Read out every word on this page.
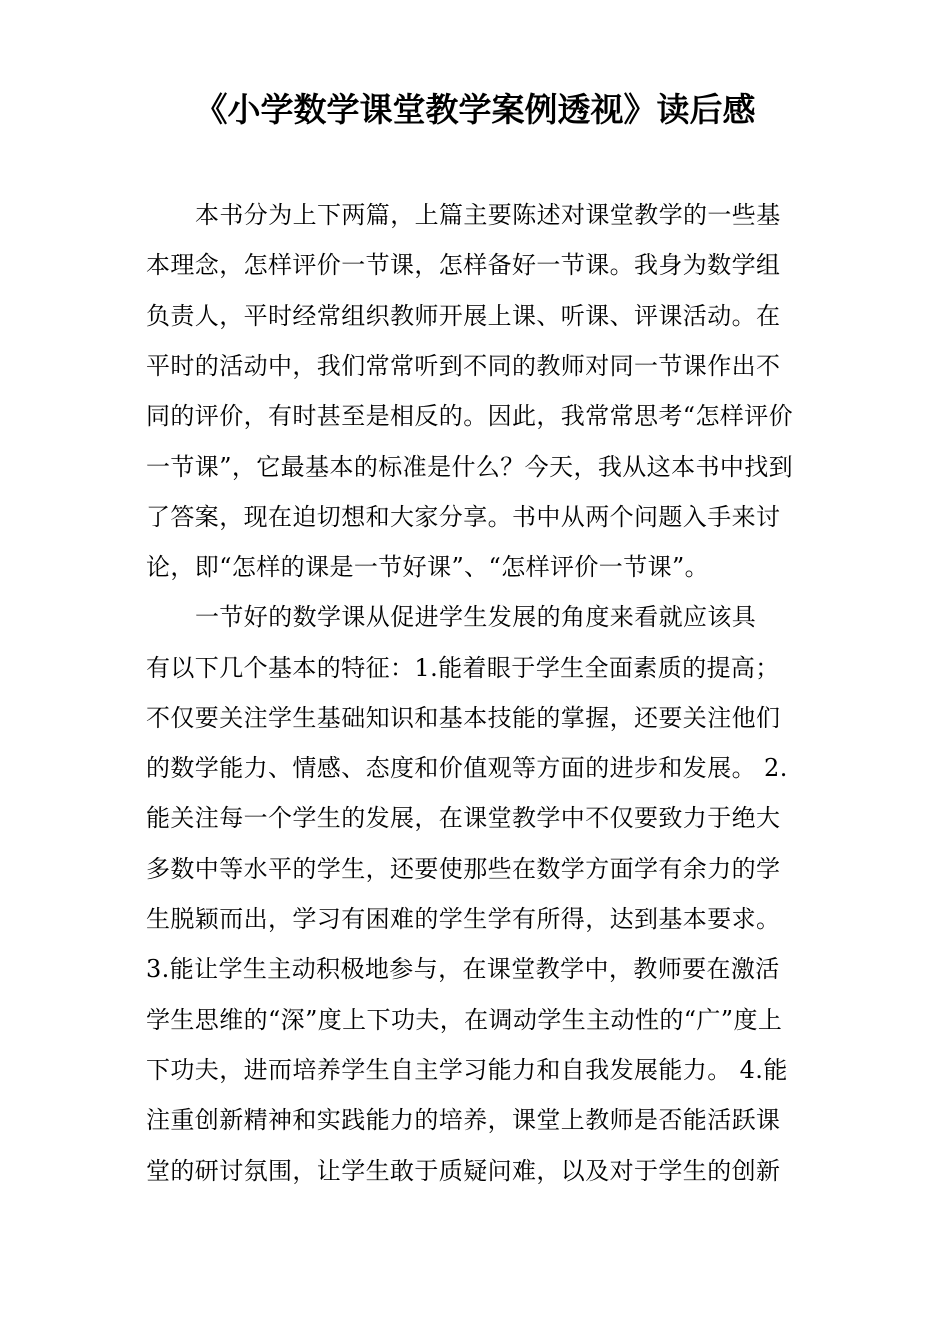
《小学数学课堂教学案例透视》读后感
本书分为上下两篇，上篇主要陈述对课堂教学的一些基
本理念，怎样评价一节课，怎样备好一节课。我身为数学组
负责人，平时经常组织教师开展上课、听课、评课活动。在
平时的活动中，我们常常听到不同的教师对同一节课作出不
同的评价，有时甚至是相反的。因此，我常常思考“怎样评价
一节课”，它最基本的标准是什么？今天，我从这本书中找到
了答案，现在迫切想和大家分享。书中从两个问题入手来讨
论，即“怎样的课是一节好课”、“怎样评价一节课”。
一节好的数学课从促进学生发展的角度来看就应该具
有以下几个基本的特征：1.能着眼于学生全面素质的提高；
不仅要关注学生基础知识和基本技能的掌握，还要关注他们
的数学能力、情感、态度和价值观等方面的进步和发展。 2.
能关注每一个学生的发展，在课堂教学中不仅要致力于绝大
多数中等水平的学生，还要使那些在数学方面学有余力的学
生脱颖而出，学习有困难的学生学有所得，达到基本要求。
3.能让学生主动积极地参与，在课堂教学中，教师要在激活
学生思维的“深”度上下功夫，在调动学生主动性的“广”度上
下功夫，进而培养学生自主学习能力和自我发展能力。 4.能
注重创新精神和实践能力的培养，课堂上教师是否能活跃课
堂的研讨氛围，让学生敢于质疑问难，以及对于学生的创新
